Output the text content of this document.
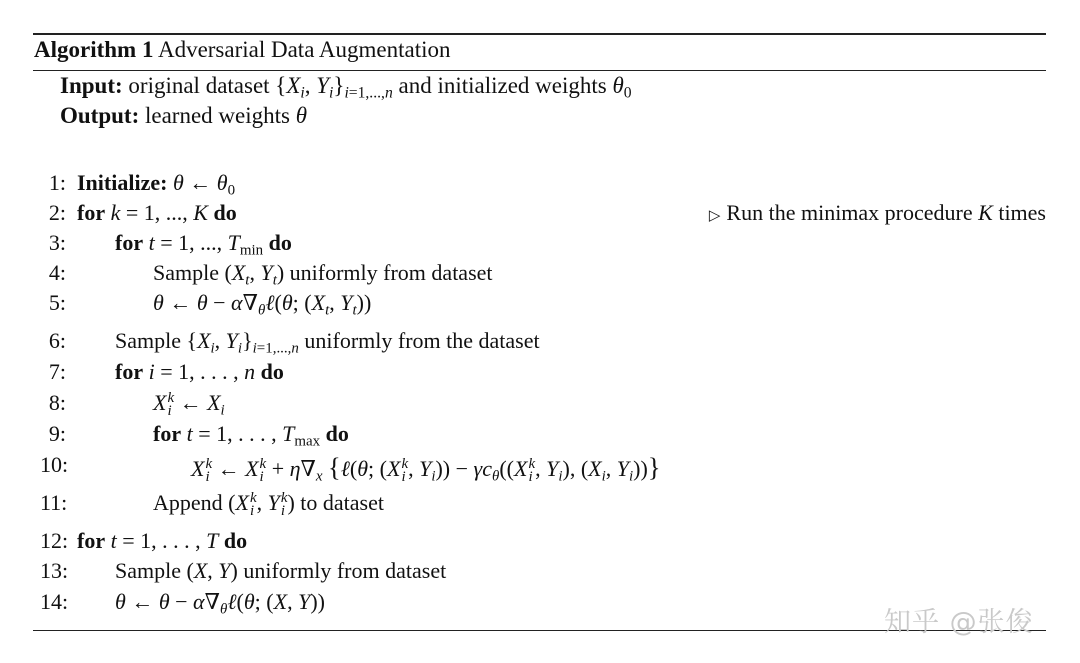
Algorithm 1 Adversarial Data Augmentation
Input: original dataset {$X_i$, $Y_i\}_{i=1,...,n}$ and initialized weights $\theta_0$
Output: learned weights θ
1: Initialize: θ ← $\theta_0$
2: for k = 1, ..., K do	▷ Run the minimax procedure K times
3: for t = 1, ..., $T_{min}$ do
4:	Sample ($X_t$, $Y_t$) uniformly from dataset
5:	θ ← $\theta - \alpha\nabla_\theta\ell(\theta$; ($X_t$, $Y_t$))
6: Sample {$X_i$, $Y_i\}_{i=1,...,n}$ uniformly from the dataset
7: for i = 1, . . . , n do
8:	X k
i ← $X_i$
9:	for t = 1, . . . , $T_{max}$ do
10:	X k
i ← X k
$i + \eta\nabla_x$ {ℓ(θ; (X k
i , $Y_i)) - \gamma c_\theta((X$ k
i , $Y_i$), ($X_i$, $Y_i$))}
11:	Append (X k
i , Y k
i ) to dataset
12: for t = 1, . . . , T do
13: Sample (X, Y) uniformly from dataset
14: θ ← $\theta - \alpha\nabla_\theta\ell(\theta$; (X, Y))
知乎 @张俊
